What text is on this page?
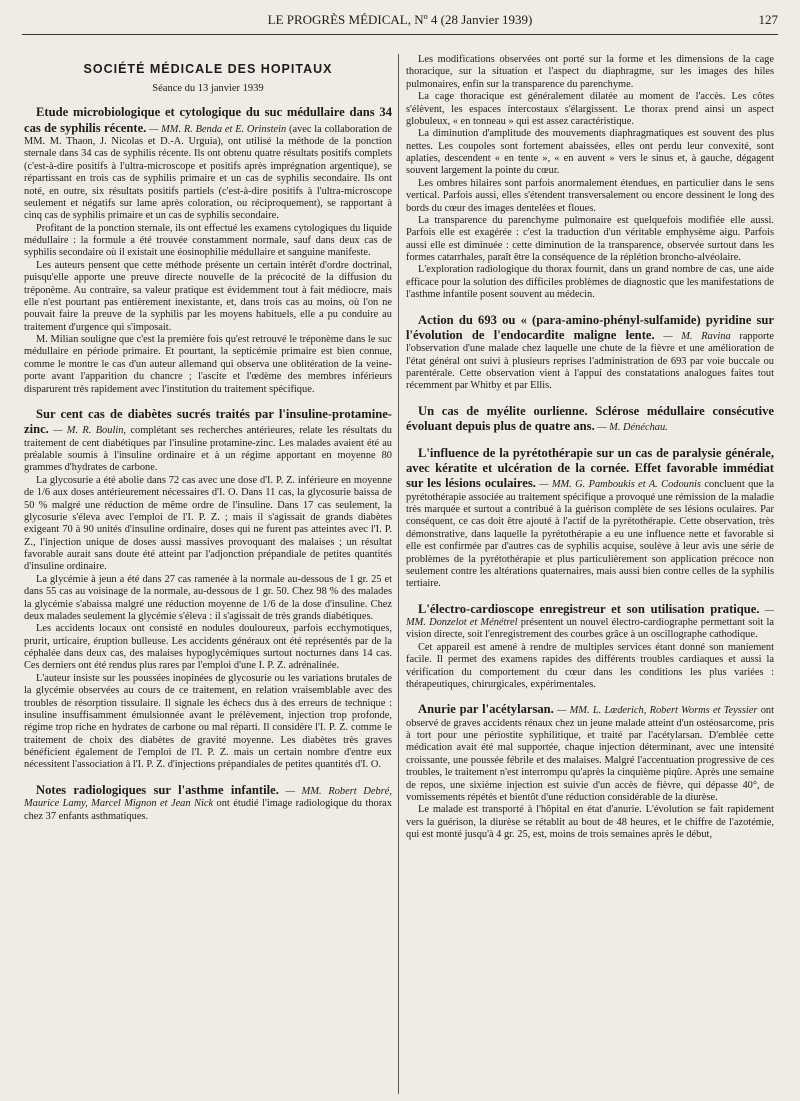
LE PROGRÈS MÉDICAL, Nº 4 (28 Janvier 1939)	127
SOCIÉTÉ MÉDICALE DES HOPITAUX
Séance du 13 janvier 1939

Etude microbiologique et cytologique du suc médullaire dans 34 cas de syphilis récente. — MM. R. Benda et E. Orinstein (avec la collaboration de MM. M. Thaon, J. Nicolas et D.-A. Urguia), ont utilisé la méthode de la ponction sternale dans 34 cas de syphilis récente. Ils ont obtenu quatre résultats positifs complets (c'est-à-dire positifs à l'ultra-microscope et positifs après imprégnation argentique), se répartissant en trois cas de syphilis primaire et un cas de syphilis secondaire. Ils ont noté, en outre, six résultats positifs partiels (c'est-à-dire positifs à l'ultra-microscope seulement et négatifs sur lame après coloration, ou réciproquement), se rapportant à cinq cas de syphilis primaire et un cas de syphilis secondaire.

Profitant de la ponction sternale, ils ont effectué les examens cytologiques du liquide médullaire : la formule a été trouvée constamment normale, sauf dans deux cas de syphilis secondaire où il existait une éosinophilie médullaire et sanguine manifeste.

Les auteurs pensent que cette méthode présente un certain intérêt d'ordre doctrinal, puisqu'elle apporte une preuve directe nouvelle de la précocité de la diffusion du tréponème. Au contraire, sa valeur pratique est évidemment tout à fait médiocre, mais elle n'est pourtant pas entièrement inexistante, et, dans trois cas au moins, où l'on ne pouvait faire la preuve de la syphilis par les moyens habituels, elle a pu conduire au traitement d'urgence qui s'imposait.

M. Milian souligne que c'est la première fois qu'est retrouvé le tréponème dans le suc médullaire en période primaire. Et pourtant, la septicémie primaire est bien connue, comme le montre le cas d'un auteur allemand qui observa une oblitération de la veine-porte avant l'apparition du chancre ; l'ascite et l'œdème des membres inférieurs disparurent très rapidement avec l'institution du traitement spécifique.

Sur cent cas de diabètes sucrés traités par l'insuline-protamine-zinc. — M. R. Boulin, complétant ses recherches antérieures, relate les résultats du traitement de cent diabétiques par l'insuline protamine-zinc. Les malades avaient été au préalable soumis à l'insuline ordinaire et à un régime apportant en moyenne 80 grammes d'hydrates de carbone.

La glycosurie a été abolie dans 72 cas avec une dose d'I. P. Z. inférieure en moyenne de 1/6 aux doses antérieurement nécessaires d'I. O. Dans 11 cas, la glycosurie baissa de 50 % malgré une réduction de même ordre de l'insuline. Dans 17 cas seulement, la glycosurie s'éleva avec l'emploi de l'I. P. Z. ; mais il s'agissait de grands diabètes exigeant 70 à 90 unités d'insuline ordinaire, doses qui ne furent pas atteintes avec l'I. P. Z., l'injection unique de doses aussi massives provoquant des malaises ; un résultat favorable aurait sans doute été atteint par l'adjonction prépandiale de petites quantités d'insuline ordinaire.

La glycémie à jeun a été dans 27 cas ramenée à la normale au-dessous de 1 gr. 25 et dans 55 cas au voisinage de la normale, au-dessous de 1 gr. 50. Chez 98 % des malades la glycémie s'abaissa malgré une réduction moyenne de 1/6 de la dose d'insuline. Chez deux malades seulement la glycémie s'éleva : il s'agissait de très grands diabétiques.

Les accidents locaux ont consisté en nodules douloureux, parfois ecchymotiques, prurit, urticaire, éruption bulleuse. Les accidents généraux ont été représentés par de la céphalée dans deux cas, des malaises hypoglycémiques surtout nocturnes dans 14 cas. Ces derniers ont été rendus plus rares par l'emploi d'une I. P. Z. adrénalinée.

L'auteur insiste sur les poussées inopinées de glycosurie ou les variations brutales de la glycémie observées au cours de ce traitement, en relation vraisemblable avec des troubles de résorption tissulaire. Il signale les échecs dus à des erreurs de technique : insuline insuffisamment émulsionnée avant le prélèvement, injection trop profonde, régime trop riche en hydrates de carbone ou mal réparti. Il considère l'I. P. Z. comme le traitement de choix des diabètes de gravité moyenne. Les diabètes très graves bénéficient également de l'emploi de l'I. P. Z. mais un certain nombre d'entre eux nécessitent l'association à l'I. P. Z. d'injections prépandiales de petites quantités d'I. O.

Notes radiologiques sur l'asthme infantile. — MM. Robert Debré, Maurice Lamy, Marcel Mignon et Jean Nick ont étudié l'image radiologique du thorax chez 37 enfants asthmatiques.

Les modifications observées ont porté sur la forme et les dimensions de la cage thoracique, sur la situation et l'aspect du diaphragme, sur les images des hiles pulmonaires, enfin sur la transparence du parenchyme.

La cage thoracique est généralement dilatée au moment de l'accès. Les côtes s'élèvent, les espaces intercostaux s'élargissent. Le thorax prend ainsi un aspect globuleux, « en tonneau » qui est assez caractéristique.

La diminution d'amplitude des mouvements diaphragmatiques est souvent des plus nettes. Les coupoles sont fortement abaissées, elles ont perdu leur convexité, sont aplaties, descendent « en tente », « en auvent » vers le sinus et, à gauche, dégagent souvent largement la pointe du cœur.

Les ombres hilaires sont parfois anormalement étendues, en particulier dans le sens vertical. Parfois aussi, elles s'étendent transversalement ou encore dessinent le long des bords du cœur des images dentelées et floues.

La transparence du parenchyme pulmonaire est quelquefois modifiée elle aussi. Parfois elle est exagérée : c'est la traduction d'un véritable emphysème aigu. Parfois aussi elle est diminuée : cette diminution de la transparence, observée surtout dans les formes catarrhales, paraît être la conséquence de la réplétion broncho-alvéolaire.

L'exploration radiologique du thorax fournit, dans un grand nombre de cas, une aide efficace pour la solution des difficiles problèmes de diagnostic que les manifestations de l'asthme infantile posent souvent au médecin.

Action du 693 ou « (para-amino-phényl-sulfamide) pyridine sur l'évolution de l'endocardite maligne lente. — M. Ravina rapporte l'observation d'une malade chez laquelle une chute de la fièvre et une amélioration de l'état général ont suivi à plusieurs reprises l'administration de 693 par voie buccale ou parentérale. Cette observation vient à l'appui des constatations analogues faites tout récemment par Whitby et par Ellis.

Un cas de myélite ourlienne. Sclérose médullaire consécutive évoluant depuis plus de quatre ans. — M. Dénéchau.

L'influence de la pyrétothérapie sur un cas de paralysie générale, avec kératite et ulcération de la cornée. Effet favorable immédiat sur les lésions oculaires. — MM. G. Pamboukis et A. Codounis concluent que la pyrétothérapie associée au traitement spécifique a provoqué une rémission de la maladie très marquée et surtout a contribué à la guérison complète de ses lésions oculaires. Par conséquent, ce cas doit être ajouté à l'actif de la pyrétothérapie. Cette observation, très démonstrative, dans laquelle la pyrétothérapie a eu une influence nette et favorable si elle est confirmée par d'autres cas de syphilis acquise, soulève à leur avis une série de problèmes de la pyrétothérapie et plus particulièrement son application précoce non seulement contre les altérations quaternaires, mais aussi bien contre celles de la syphilis tertiaire.

L'électro-cardioscope enregistreur et son utilisation pratique. — MM. Donzelot et Ménétrel présentent un nouvel électro-cardiographe permettant soit la vision directe, soit l'enregistrement des courbes grâce à un oscillographe cathodique.

Cet appareil est amené à rendre de multiples services étant donné son maniement facile. Il permet des examens rapides des différents troubles cardiaques et aussi la vérification du comportement du cœur dans les conditions les plus variées : thérapeutiques, chirurgicales, expérimentales.

Anurie par l'acétylarsan. — MM. L. Lœderich, Robert Worms et Teyssier ont observé de graves accidents rénaux chez un jeune malade atteint d'un ostéosarcome, pris à tort pour une périostite syphilitique, et traité par l'acétylarsan. D'emblée cette médication avait été mal supportée, chaque injection déterminant, avec une intensité croissante, une poussée fébrile et des malaises. Malgré l'accentuation progressive de ces troubles, le traitement n'est interrompu qu'après la cinquième piqûre. Après une semaine de repos, une sixième injection est suivie d'un accès de fièvre, qui dépasse 40°, de vomissements répétés et bientôt d'une réduction considérable de la diurèse.

Le malade est transporté à l'hôpital en état d'anurie. L'évolution se fait rapidement vers la guérison, la diurèse se rétablit au bout de 48 heures, et le chiffre de l'azotémie, qui est monté jusqu'à 4 gr. 25, est, moins de trois semaines après le début,
